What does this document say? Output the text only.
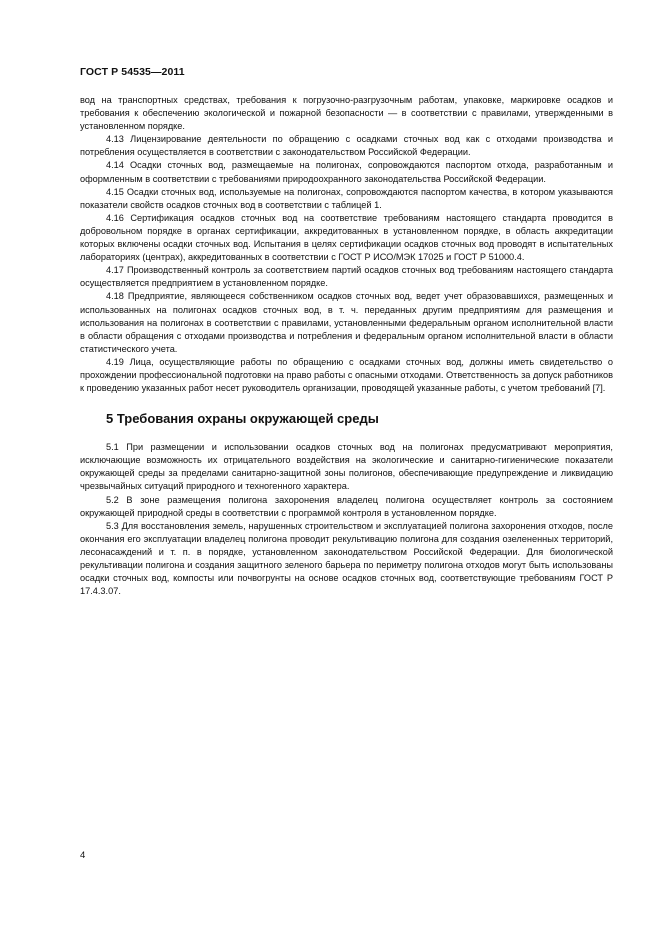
ГОСТ Р 54535—2011

вод на транспортных средствах, требования к погрузочно-разгрузочным работам, упаковке, маркировке осадков и требования к обеспечению экологической и пожарной безопасности — в соответствии с правилами, утвержденными в установленном порядке.

4.13 Лицензирование деятельности по обращению с осадками сточных вод как с отходами производства и потребления осуществляется в соответствии с законодательством Российской Федерации.

4.14 Осадки сточных вод, размещаемые на полигонах, сопровождаются паспортом отхода, разработанным и оформленным в соответствии с требованиями природоохранного законодательства Российской Федерации.

4.15 Осадки сточных вод, используемые на полигонах, сопровождаются паспортом качества, в котором указываются показатели свойств осадков сточных вод в соответствии с таблицей 1.

4.16 Сертификация осадков сточных вод на соответствие требованиям настоящего стандарта проводится в добровольном порядке в органах сертификации, аккредитованных в установленном порядке, в область аккредитации которых включены осадки сточных вод. Испытания в целях сертификации осадков сточных вод проводят в испытательных лабораториях (центрах), аккредитованных в соответствии с ГОСТ Р ИСО/МЭК 17025 и ГОСТ Р 51000.4.

4.17 Производственный контроль за соответствием партий осадков сточных вод требованиям настоящего стандарта осуществляется предприятием в установленном порядке.

4.18 Предприятие, являющееся собственником осадков сточных вод, ведет учет образовавшихся, размещенных и использованных на полигонах осадков сточных вод, в т. ч. переданных другим предприятиям для размещения и использования на полигонах в соответствии с правилами, установленными федеральным органом исполнительной власти в области обращения с отходами производства и потребления и федеральным органом исполнительной власти в области статистического учета.

4.19 Лица, осуществляющие работы по обращению с осадками сточных вод, должны иметь свидетельство о прохождении профессиональной подготовки на право работы с опасными отходами. Ответственность за допуск работников к проведению указанных работ несет руководитель организации, проводящей указанные работы, с учетом требований [7].

5 Требования охраны окружающей среды

5.1 При размещении и использовании осадков сточных вод на полигонах предусматривают мероприятия, исключающие возможность их отрицательного воздействия на экологические и санитарно-гигиенические показатели окружающей среды за пределами санитарно-защитной зоны полигонов, обеспечивающие предупреждение и ликвидацию чрезвычайных ситуаций природного и техногенного характера.

5.2 В зоне размещения полигона захоронения владелец полигона осуществляет контроль за состоянием окружающей природной среды в соответствии с программой контроля в установленном порядке.

5.3 Для восстановления земель, нарушенных строительством и эксплуатацией полигона захоронения отходов, после окончания его эксплуатации владелец полигона проводит рекультивацию полигона для создания озелененных территорий, лесонасаждений и т. п. в порядке, установленном законодательством Российской Федерации. Для биологической рекультивации полигона и создания защитного зеленого барьера по периметру полигона отходов могут быть использованы осадки сточных вод, компосты или почвогрунты на основе осадков сточных вод, соответствующие требованиям ГОСТ Р 17.4.3.07.

4
